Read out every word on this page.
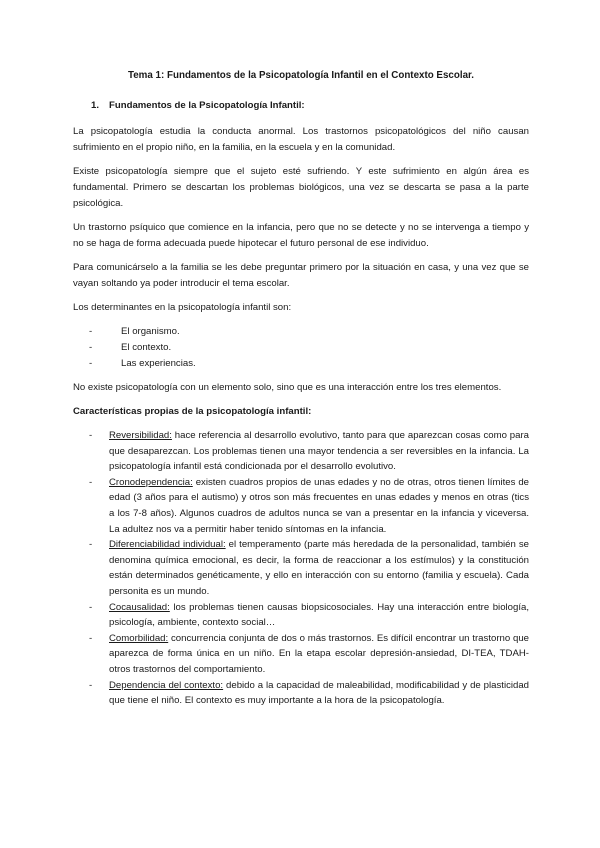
Tema 1: Fundamentos de la Psicopatología Infantil en el Contexto Escolar.
1.	Fundamentos de la Psicopatología Infantil:

La psicopatología estudia la conducta anormal. Los trastornos psicopatológicos del niño causan sufrimiento en el propio niño, en la familia, en la escuela y en la comunidad.

Existe psicopatología siempre que el sujeto esté sufriendo. Y este sufrimiento en algún área es fundamental. Primero se descartan los problemas biológicos, una vez se descarta se pasa a la parte psicológica.

Un trastorno psíquico que comience en la infancia, pero que no se detecte y no se intervenga a tiempo y no se haga de forma adecuada puede hipotecar el futuro personal de ese individuo.

Para comunicárselo a la familia se les debe preguntar primero por la situación en casa, y una vez que se vayan soltando ya poder introducir el tema escolar.

Los determinantes en la psicopatología infantil son:

-	El organismo.
-	El contexto.
-	Las experiencias.

No existe psicopatología con un elemento solo, sino que es una interacción entre los tres elementos.

Características propias de la psicopatología infantil:
-	Reversibilidad: hace referencia al desarrollo evolutivo, tanto para que aparezcan cosas como para que desaparezcan. Los problemas tienen una mayor tendencia a ser reversibles en la infancia. La psicopatología infantil está condicionada por el desarrollo evolutivo.
-	Cronodependencia: existen cuadros propios de unas edades y no de otras, otros tienen límites de edad (3 años para el autismo) y otros son más frecuentes en unas edades y menos en otras (tics a los 7-8 años). Algunos cuadros de adultos nunca se van a presentar en la infancia y viceversa. La adultez nos va a permitir haber tenido síntomas en la infancia.
-	Diferenciabilidad individual: el temperamento (parte más heredada de la personalidad, también se denomina química emocional, es decir, la forma de reaccionar a los estímulos) y la constitución están determinados genéticamente, y ello en interacción con su entorno (familia y escuela). Cada personita es un mundo.
-	Cocausalidad: los problemas tienen causas biopsicosociales. Hay una interacción entre biología, psicología, ambiente, contexto social…
-	Comorbilidad: concurrencia conjunta de dos o más trastornos. Es difícil encontrar un trastorno que aparezca de forma única en un niño. En la etapa escolar depresión-ansiedad, DI-TEA, TDAH-otros trastornos del comportamiento.
-	Dependencia del contexto: debido a la capacidad de maleabilidad, modificabilidad y de plasticidad que tiene el niño. El contexto es muy importante a la hora de la psicopatología.
